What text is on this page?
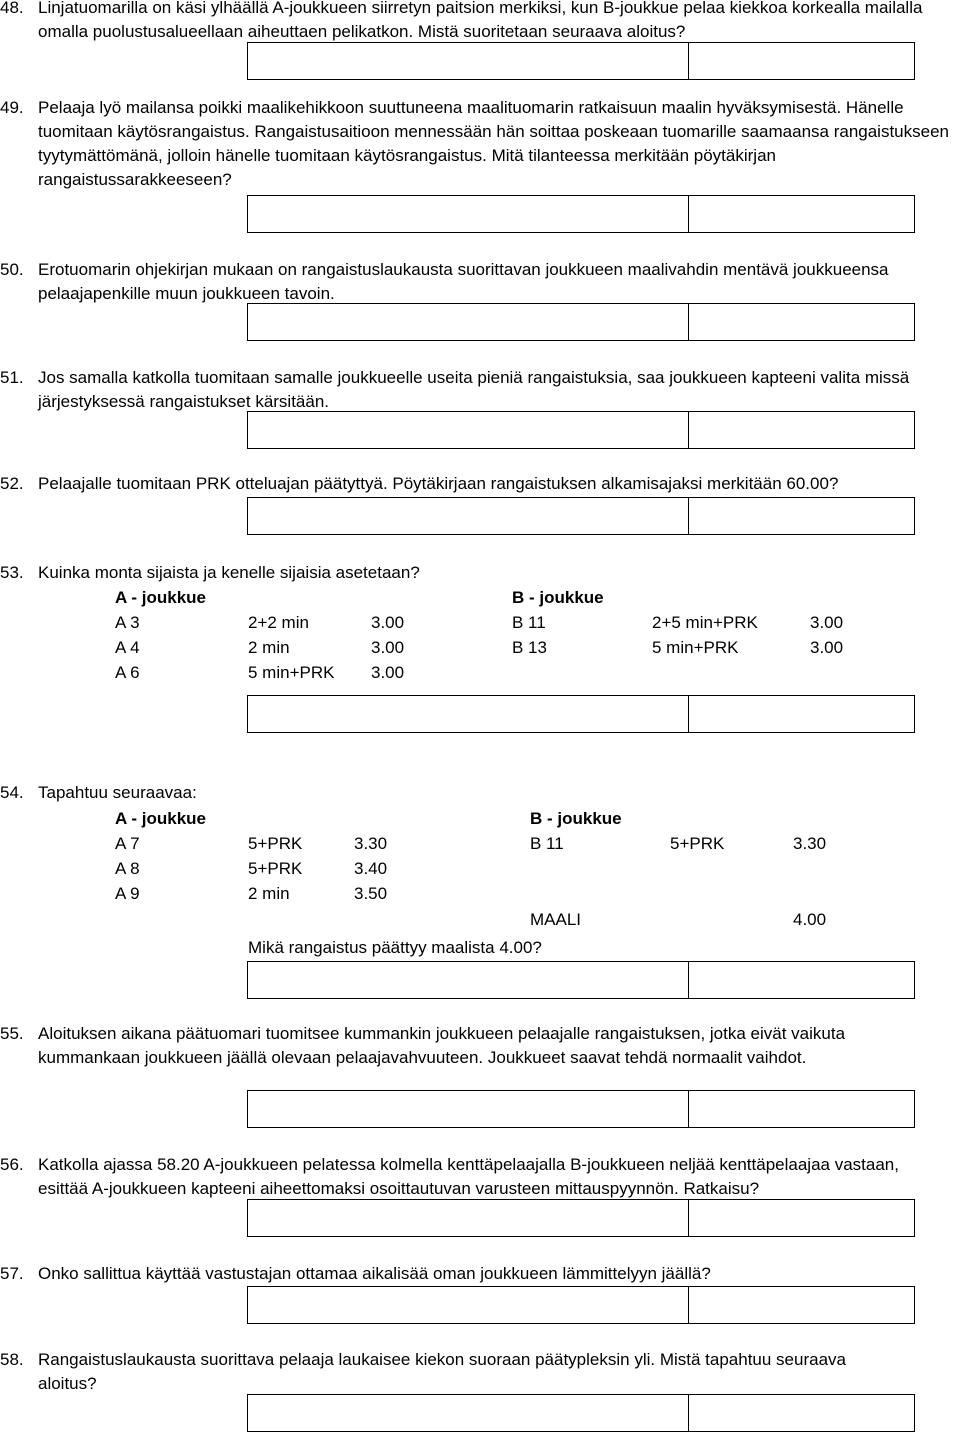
48. Linjatuomarilla on käsi ylhäällä A-joukkueen siirretyn paitsion merkiksi, kun B-joukkue pelaa kiekkoa korkealla mailalla omalla puolustusalueellaan aiheuttaen pelikatkon. Mistä suoritetaan seuraava aloitus?
49. Pelaaja lyö mailansa poikki maalikehikkoon suuttuneena maalituomarin ratkaisuun maalin hyväksymisestä. Hänelle tuomitaan käytösrangaistus. Rangaistusaitioon mennessään hän soittaa poskeaan tuomarille saamaansa rangaistukseen tyytymättömänä, jolloin hänelle tuomitaan käytösrangaistus. Mitä tilanteessa merkitään pöytäkirjan rangaistussarakkeeseen?
50. Erotuomarin ohjekirjan mukaan on rangaistuslaukausta suorittavan joukkueen maalivahdin mentävä joukkueensa pelaajapenkille muun joukkueen tavoin.
51. Jos samalla katkolla tuomitaan samalle joukkueelle useita pieniä rangaistuksia, saa joukkueen kapteeni valita missä järjestyksessä rangaistukset kärsitään.
52. Pelaajalle tuomitaan PRK otteluajan päätyttyä. Pöytäkirjaan rangaistuksen alkamisajaksi merkitään 60.00?
53. Kuinka monta sijaista ja kenelle sijaisia asetetaan?
A - joukkue	B - joukkue
A 3	2+2 min	3.00	B 11	2+5 min+PRK	3.00
A 4	2 min	3.00	B 13	5 min+PRK	3.00
A 6	5 min+PRK 3.00
54. Tapahtuu seuraavaa:
A - joukkue	B - joukkue
A 7	5+PRK	3.30	B 11	5+PRK	3.30
A 8	5+PRK	3.40
A 9	2 min	3.50
MAALI	4.00
Mikä rangaistus päättyy maalista 4.00?
55. Aloituksen aikana päätuomari tuomitsee kummankin joukkueen pelaajalle rangaistuksen, jotka eivät vaikuta kummankaan joukkueen jäällä olevaan pelaajavahvuuteen. Joukkueet saavat tehdä normaalit vaihdot.
56. Katkolla ajassa 58.20 A-joukkueen pelatessa kolmella kenttäpelaajalla B-joukkueen neljää kenttäpelaajaa vastaan, esittää A-joukkueen kapteeni aiheettomaksi osoittautuvan varusteen mittauspyynnön. Ratkaisu?
57. Onko sallittua käyttää vastustajan ottamaa aikalisää oman joukkueen lämmittelyyn jäällä?
58. Rangaistuslaukausta suorittava pelaaja laukaisee kiekon suoraan päätypleksin yli. Mistä tapahtuu seuraava aloitus?
